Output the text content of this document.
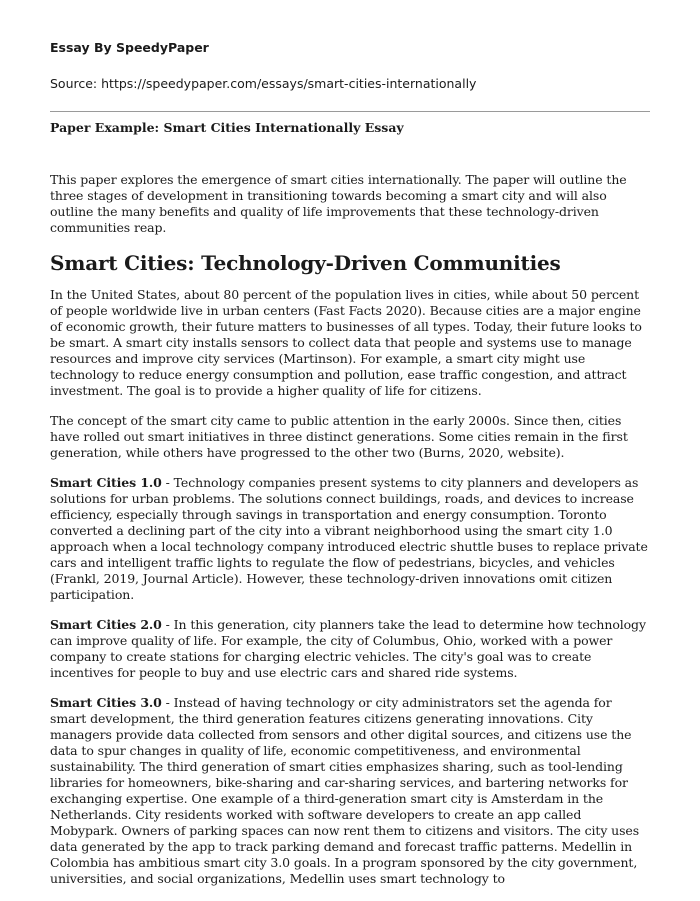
Essay By SpeedyPaper

Source: https://speedypaper.com/essays/smart-cities-internationally

Paper Example: Smart Cities Internationally Essay

This paper explores the emergence of smart cities internationally. The paper will outline the three stages of development in transitioning towards becoming a smart city and will also outline the many benefits and quality of life improvements that these technology-driven communities reap.

Smart Cities: Technology-Driven Communities

In the United States, about 80 percent of the population lives in cities, while about 50 percent of people worldwide live in urban centers (Fast Facts 2020). Because cities are a major engine of economic growth, their future matters to businesses of all types. Today, their future looks to be smart. A smart city installs sensors to collect data that people and systems use to manage resources and improve city services (Martinson). For example, a smart city might use technology to reduce energy consumption and pollution, ease traffic congestion, and attract investment. The goal is to provide a higher quality of life for citizens.

The concept of the smart city came to public attention in the early 2000s. Since then, cities have rolled out smart initiatives in three distinct generations. Some cities remain in the first generation, while others have progressed to the other two (Burns, 2020, website).

Smart Cities 1.0 - Technology companies present systems to city planners and developers as solutions for urban problems. The solutions connect buildings, roads, and devices to increase efficiency, especially through savings in transportation and energy consumption. Toronto converted a declining part of the city into a vibrant neighborhood using the smart city 1.0 approach when a local technology company introduced electric shuttle buses to replace private cars and intelligent traffic lights to regulate the flow of pedestrians, bicycles, and vehicles (Frankl, 2019, Journal Article). However, these technology-driven innovations omit citizen participation.

Smart Cities 2.0 - In this generation, city planners take the lead to determine how technology can improve quality of life. For example, the city of Columbus, Ohio, worked with a power company to create stations for charging electric vehicles. The city's goal was to create incentives for people to buy and use electric cars and shared ride systems.

Smart Cities 3.0 - Instead of having technology or city administrators set the agenda for smart development, the third generation features citizens generating innovations. City managers provide data collected from sensors and other digital sources, and citizens use the data to spur changes in quality of life, economic competitiveness, and environmental sustainability. The third generation of smart cities emphasizes sharing, such as tool-lending libraries for homeowners, bike-sharing and car-sharing services, and bartering networks for exchanging expertise. One example of a third-generation smart city is Amsterdam in the Netherlands. City residents worked with software developers to create an app called Mobypark. Owners of parking spaces can now rent them to citizens and visitors. The city uses data generated by the app to track parking demand and forecast traffic patterns. Medellin in Colombia has ambitious smart city 3.0 goals. In a program sponsored by the city government, universities, and social organizations, Medellin uses smart technology to
